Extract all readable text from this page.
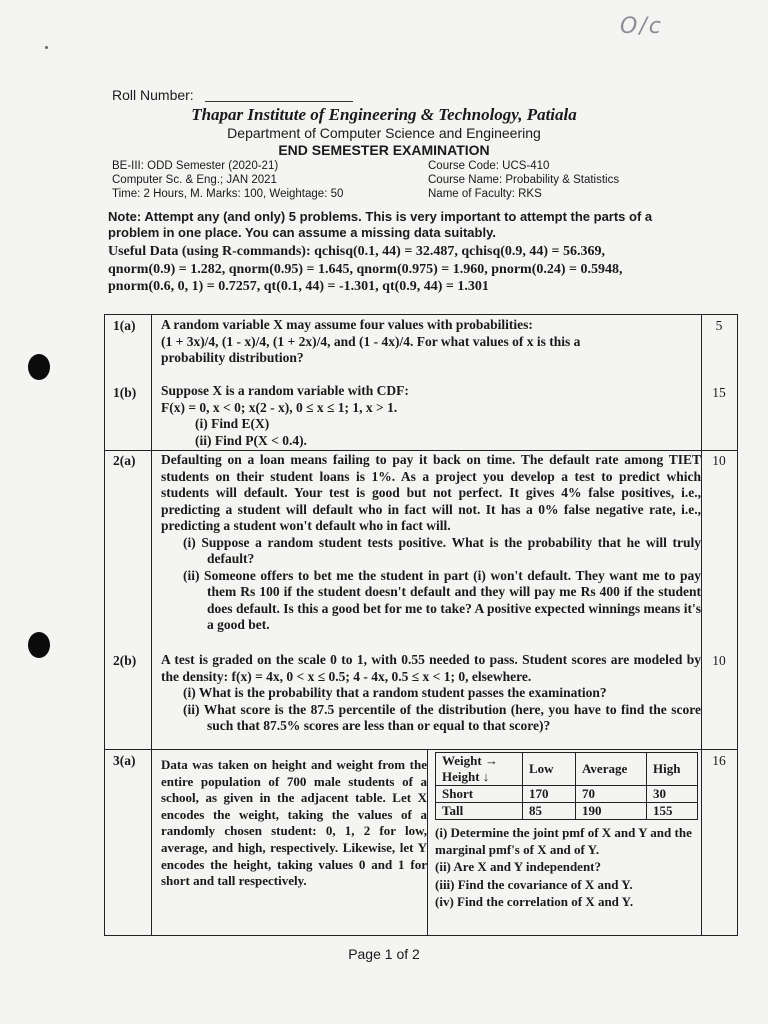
O/c
Roll Number:
Thapar Institute of Engineering & Technology, Patiala
Department of Computer Science and Engineering
END SEMESTER EXAMINATION
BE-III: ODD Semester (2020-21)
Computer Sc. & Eng.; JAN 2021
Time: 2 Hours, M. Marks: 100, Weightage: 50
Course Code: UCS-410
Course Name: Probability & Statistics
Name of Faculty: RKS
Note: Attempt any (and only) 5 problems. This is very important to attempt the parts of a problem in one place. You can assume a missing data suitably.
Useful Data (using R-commands): qchisq(0.1, 44) = 32.487, qchisq(0.9, 44) = 56.369,
qnorm(0.9) = 1.282, qnorm(0.95) = 1.645, qnorm(0.975) = 1.960, pnorm(0.24) = 0.5948,
pnorm(0.6, 0, 1) = 0.7257, qt(0.1, 44) = -1.301, qt(0.9, 44) = 1.301
1(a)	5
A random variable X may assume four values with probabilities:
(1 + 3x)/4, (1 - x)/4, (1 + 2x)/4, and (1 - 4x)/4. For what values of x is this a
probability distribution?
1(b)	15
Suppose X is a random variable with CDF:
F(x) = 0, x < 0; x(2 - x), 0 ≤ x ≤ 1; 1, x > 1.
(i) Find E(X)
(ii) Find P(X < 0.4).
2(a)	10
Defaulting on a loan means failing to pay it back on time. The default rate among TIET students on their student loans is 1%. As a project you develop a test to predict which students will default. Your test is good but not perfect. It gives 4% false positives, i.e., predicting a student will default who in fact will not. It has a 0% false negative rate, i.e., predicting a student won't default who in fact will.
(i) Suppose a random student tests positive. What is the probability that he will truly default?
(ii) Someone offers to bet me the student in part (i) won't default. They want me to pay them Rs 100 if the student doesn't default and they will pay me Rs 400 if the student does default. Is this a good bet for me to take? A positive expected winnings means it's a good bet.
2(b)	10
A test is graded on the scale 0 to 1, with 0.55 needed to pass. Student scores are modeled by the density: f(x) = 4x, 0 < x ≤ 0.5; 4 - 4x, 0.5 ≤ x < 1; 0, elsewhere.
(i) What is the probability that a random student passes the examination?
(ii) What score is the 87.5 percentile of the distribution (here, you have to find the score such that 87.5% scores are less than or equal to that score)?
3(a)	16
Data was taken on height and weight from the entire population of 700 male students of a school, as given in the adjacent table. Let X encodes the weight, taking the values of a randomly chosen student: 0, 1, 2 for low, average, and high, respectively. Likewise, let Y encodes the height, taking values 0 and 1 for short and tall respectively.
Weight → Height ↓	Low	Average	High
Short	170	70	30
Tall	85	190	155
(i) Determine the joint pmf of X and Y and the marginal pmf's of X and of Y.
(ii) Are X and Y independent?
(iii) Find the covariance of X and Y.
(iv) Find the correlation of X and Y.
Page 1 of 2
